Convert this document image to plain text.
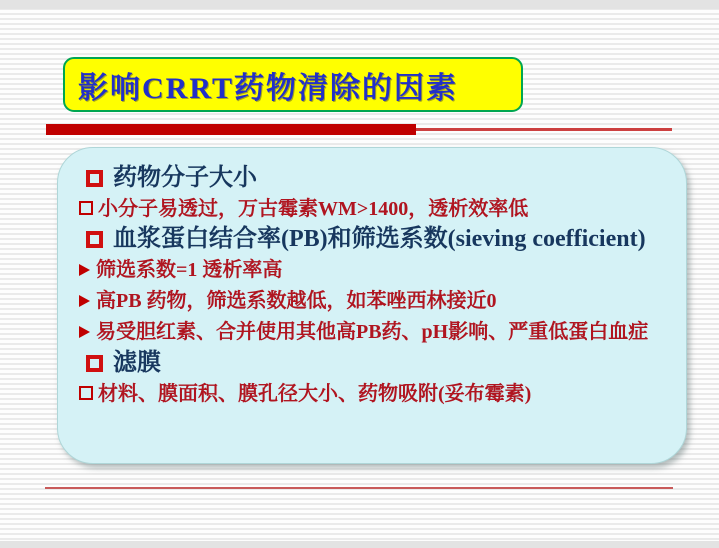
影响CRRT药物清除的因素
药物分子大小
小分子易透过，万古霉素WM>1400，透析效率低
血浆蛋白结合率(PB)和筛选系数(sieving coefficient)
筛选系数=1 透析率高
高PB 药物，筛选系数越低，如苯唑西林接近0
易受胆红素、合并使用其他高PB药、pH影响、严重低蛋白血症
滤膜
材料、膜面积、膜孔径大小、药物吸附(妥布霉素)
